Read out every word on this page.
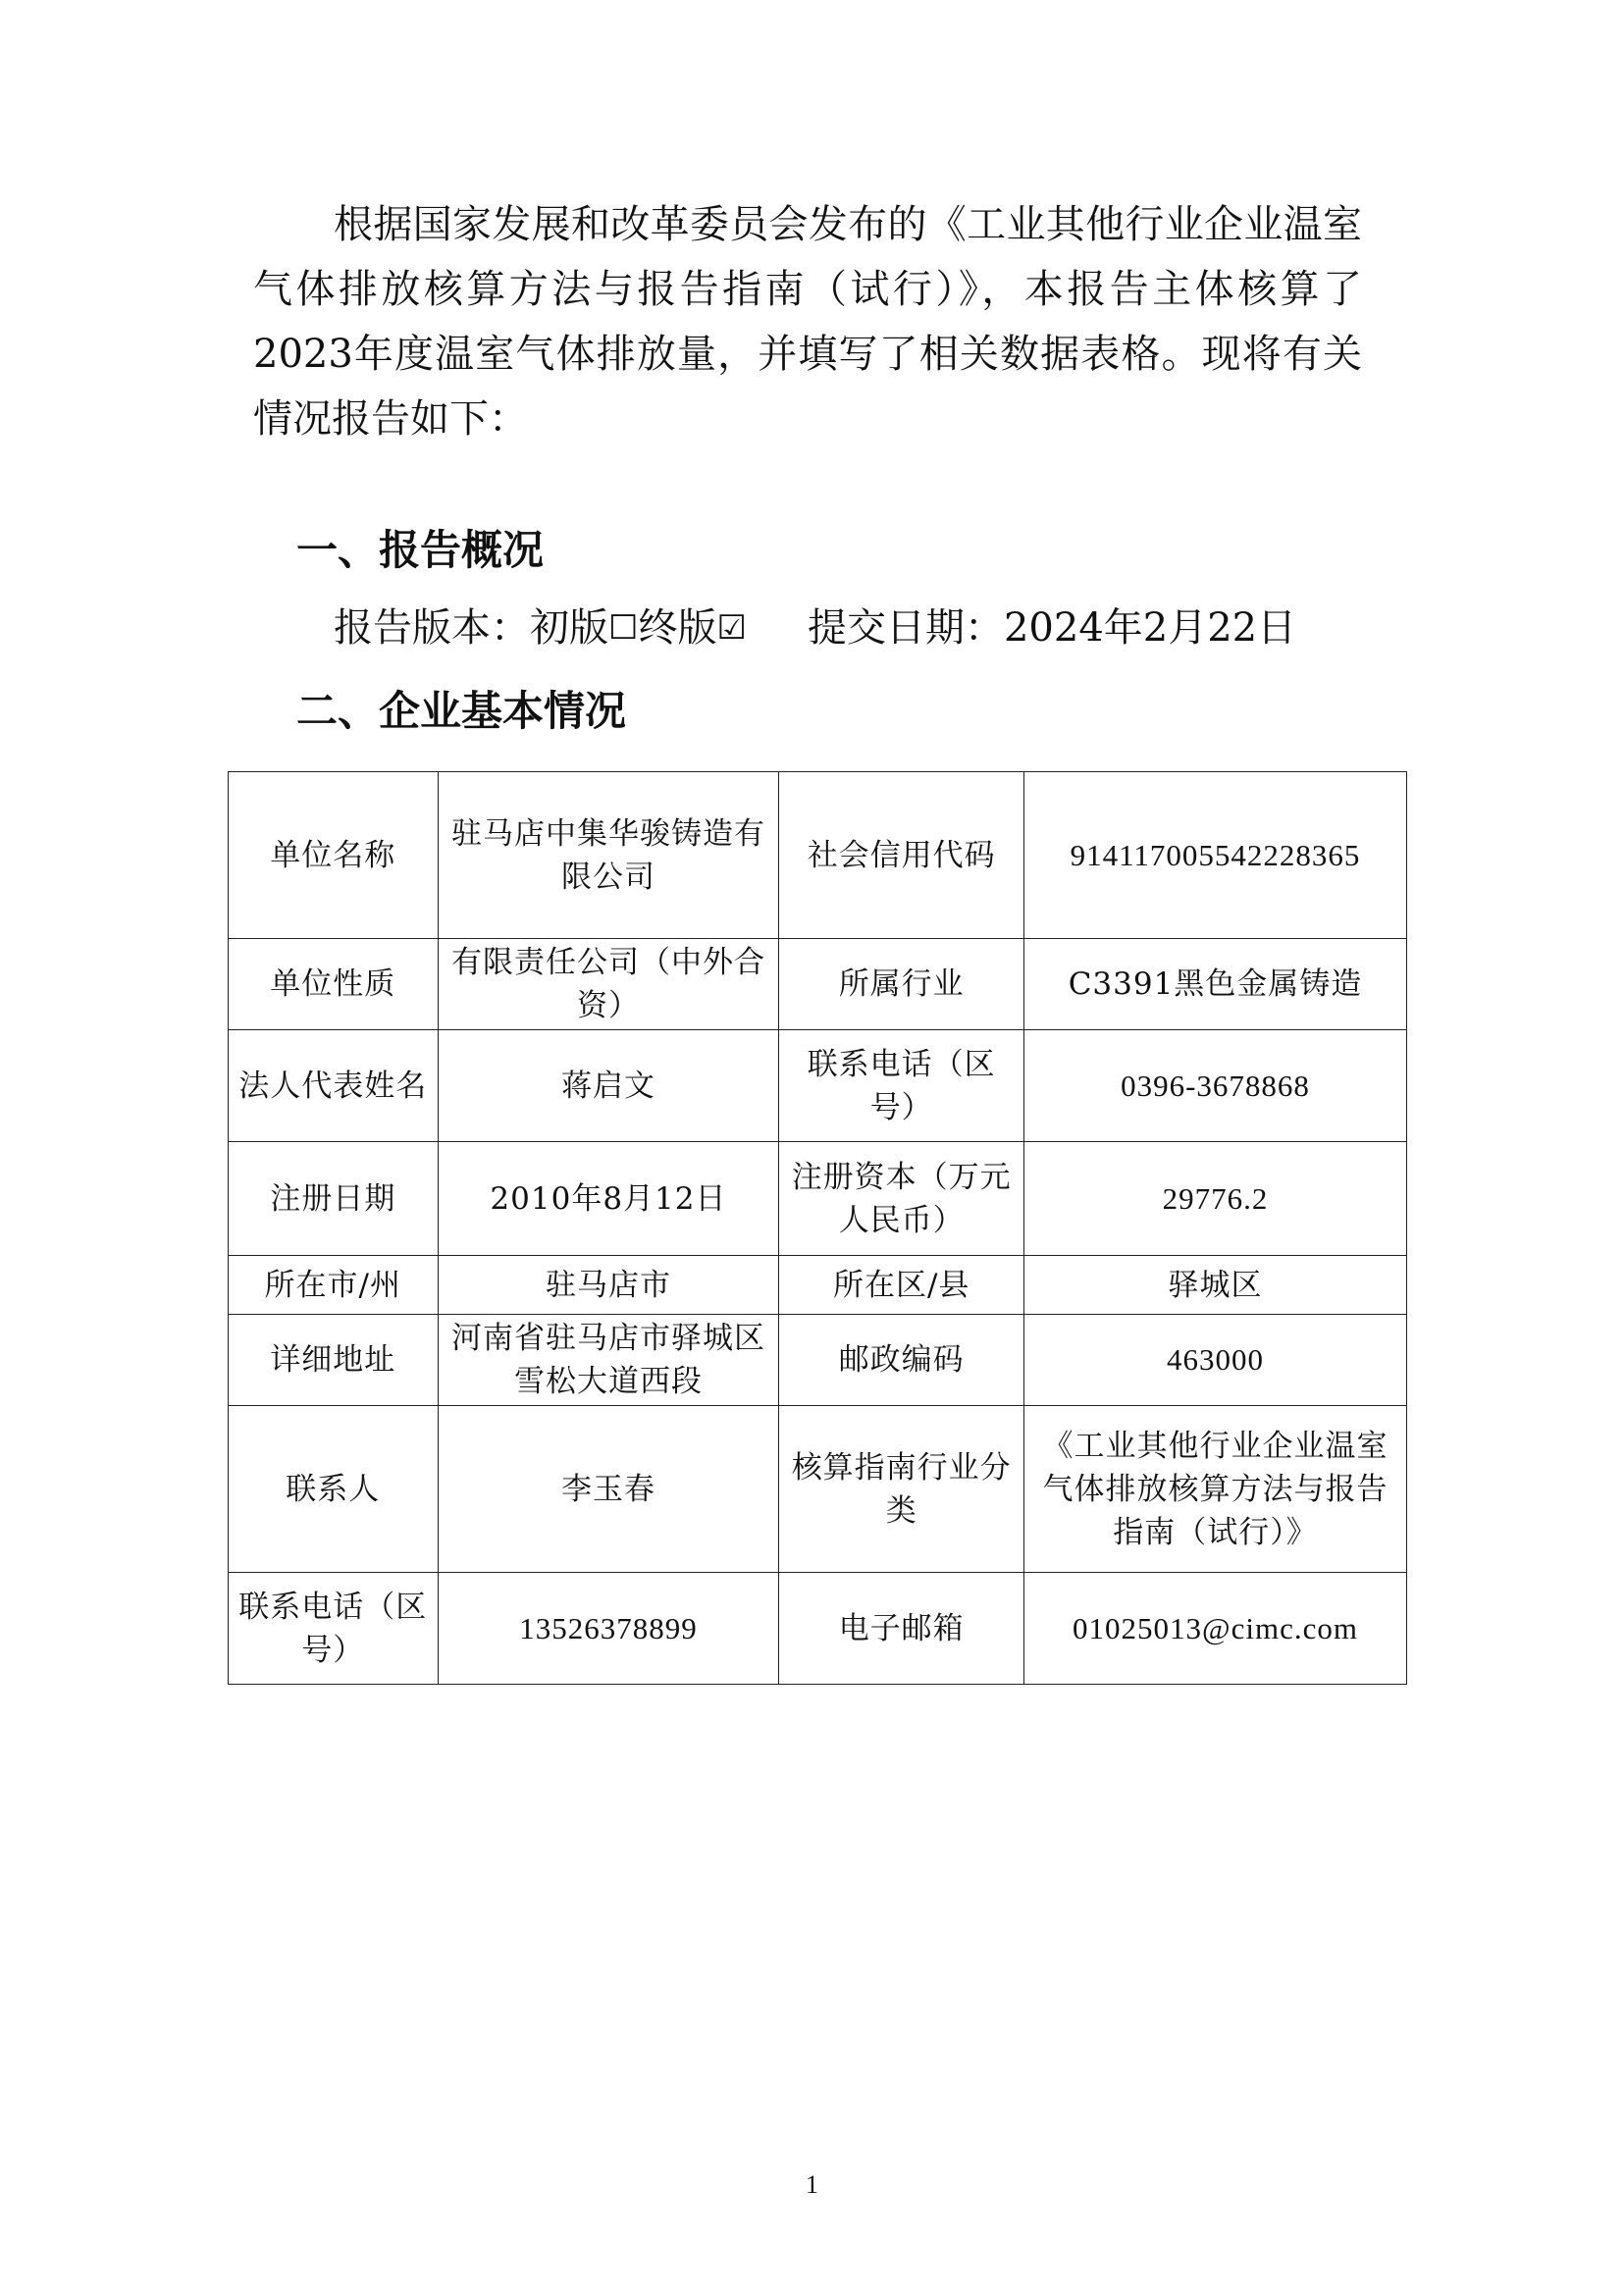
根据国家发展和改革委员会发布的《工业其他行业企业温室气体排放核算方法与报告指南（试行）》，本报告主体核算了2023年度温室气体排放量，并填写了相关数据表格。现将有关情况报告如下：

一、报告概况

报告版本：初版☐终版☑ 提交日期：2024年2月22日

二、企业基本情况
单位名称	驻马店中集华骏铸造有限公司	社会信用代码	914117005542228365
单位性质	有限责任公司（中外合资）	所属行业	C3391黑色金属铸造
法人代表姓名	蒋启文	联系电话（区号）	0396-3678868
注册日期	2010年8月12日	注册资本（万元人民币）	29776.2
所在市/州	驻马店市	所在区/县	驿城区
详细地址	河南省驻马店市驿城区雪松大道西段	邮政编码	463000
联系人	李玉春	核算指南行业分类	《工业其他行业企业温室气体排放核算方法与报告指南（试行）》
联系电话（区号）	13526378899	电子邮箱	01025013@cimc.com
1
